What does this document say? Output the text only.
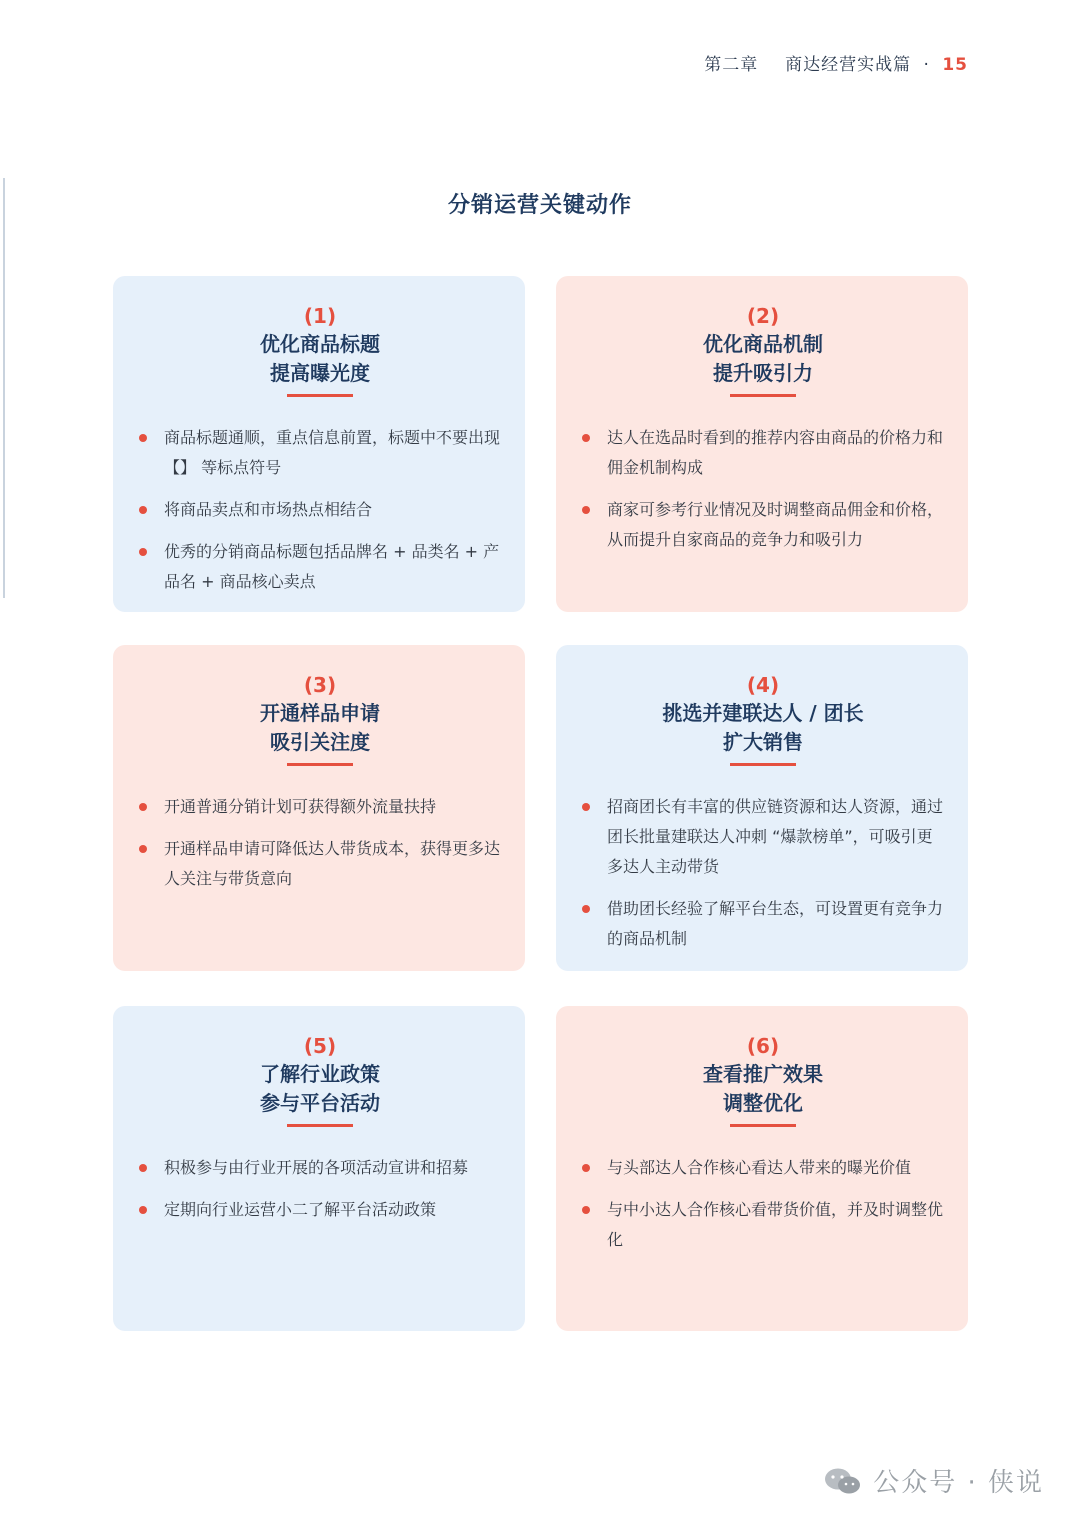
第二章 商达经营实战篇 · 15
分销运营关键动作
(1)
优化商品标题
提高曝光度
商品标题通顺，重点信息前置，标题中不要出现 【】 等标点符号
将商品卖点和市场热点相结合
优秀的分销商品标题包括品牌名 + 品类名 + 产品名 + 商品核心卖点
(2)
优化商品机制
提升吸引力
达人在选品时看到的推荐内容由商品的价格力和佣金机制构成
商家可参考行业情况及时调整商品佣金和价格，从而提升自家商品的竞争力和吸引力
(3)
开通样品申请
吸引关注度
开通普通分销计划可获得额外流量扶持
开通样品申请可降低达人带货成本，获得更多达人关注与带货意向
(4)
挑选并建联达人 / 团长
扩大销售
招商团长有丰富的供应链资源和达人资源，通过团长批量建联达人冲刺 “爆款榜单”，可吸引更多达人主动带货
借助团长经验了解平台生态，可设置更有竞争力的商品机制
(5)
了解行业政策
参与平台活动
积极参与由行业开展的各项活动宣讲和招募
定期向行业运营小二了解平台活动政策
(6)
查看推广效果
调整优化
与头部达人合作核心看达人带来的曝光价值
与中小达人合作核心看带货价值，并及时调整优化
公众号 · 侠说
